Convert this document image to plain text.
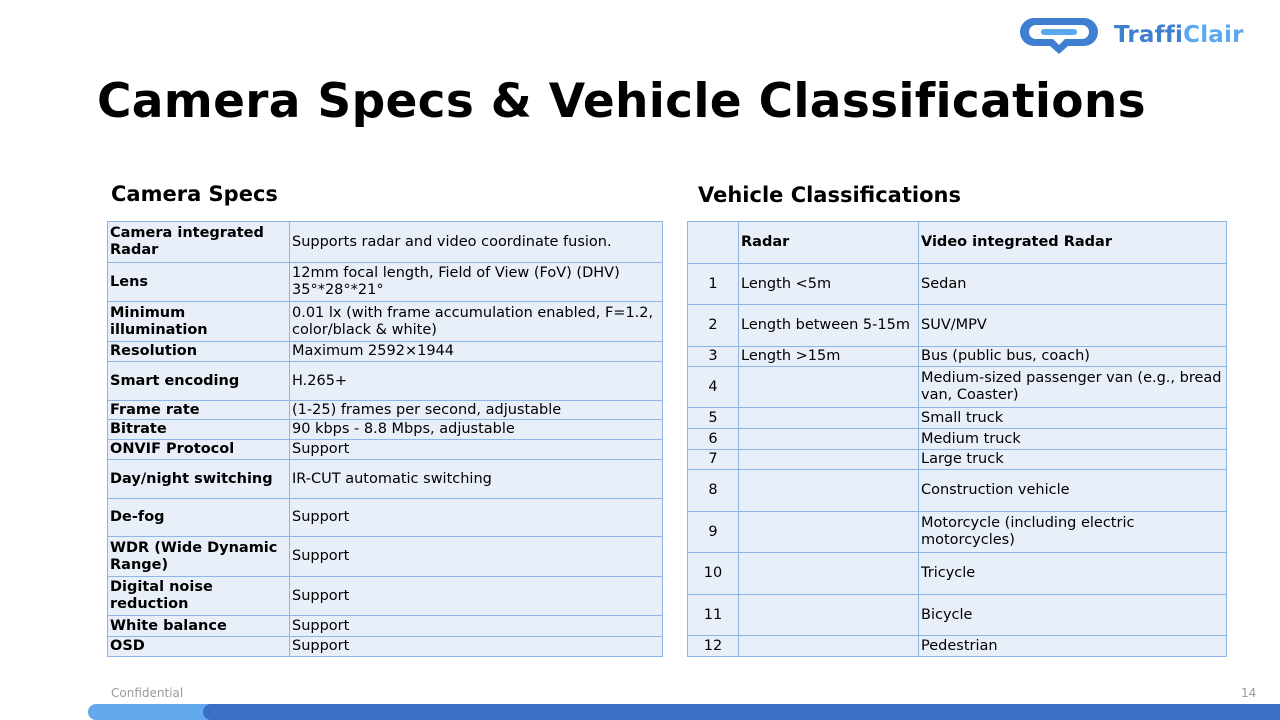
TraffiClair
Camera Specs & Vehicle Classifications
Camera Specs	Vehicle Classifications
Camera integrated Radar	Supports radar and video coordinate fusion.
Lens	12mm focal length, Field of View (FoV) (DHV) 35°*28°*21°
Minimum illumination	0.01 lx (with frame accumulation enabled, F=1.2, color/black & white)
Resolution	Maximum 2592×1944
Smart encoding	H.265+
Frame rate	(1-25) frames per second, adjustable
Bitrate	90 kbps - 8.8 Mbps, adjustable
ONVIF Protocol	Support
Day/night switching	IR-CUT automatic switching
De-fog	Support
WDR (Wide Dynamic Range)	Support
Digital noise reduction	Support
White balance	Support
OSD	Support
	Radar	Video integrated Radar
1	Length <5m	Sedan
2	Length between 5-15m	SUV/MPV
3	Length >15m	Bus (public bus, coach)
4		Medium-sized passenger van (e.g., bread van, Coaster)
5		Small truck
6		Medium truck
7		Large truck
8		Construction vehicle
9		Motorcycle (including electric motorcycles)
10		Tricycle
11		Bicycle
12		Pedestrian
Confidential	14
